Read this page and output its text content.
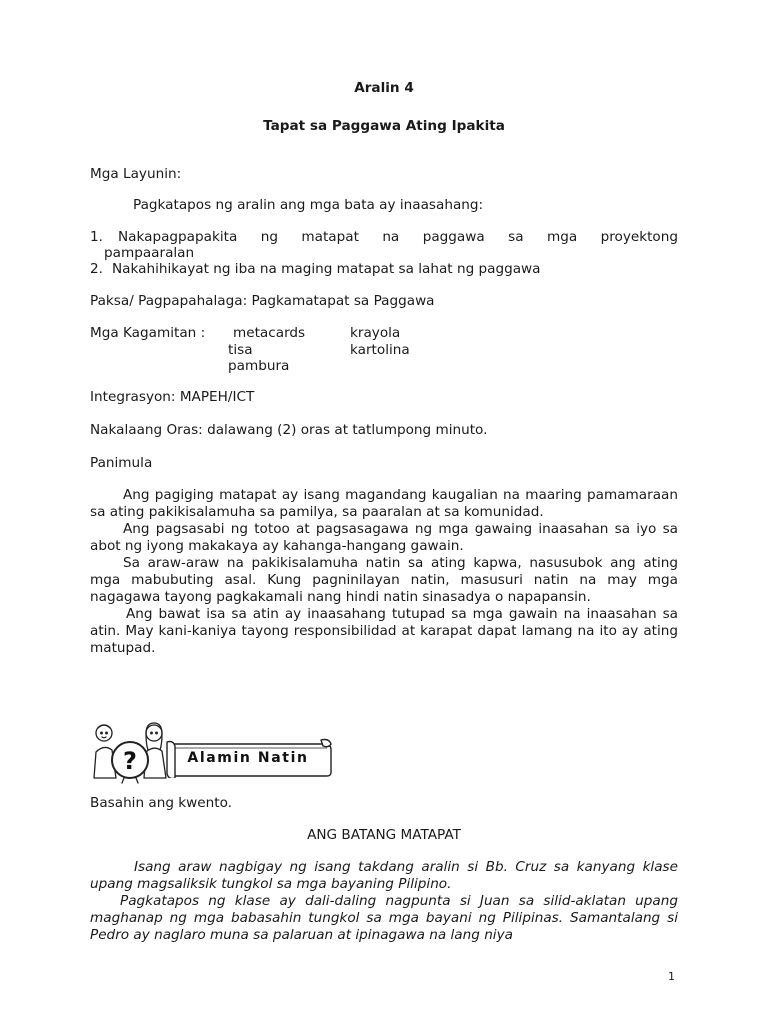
Aralin 4
Tapat sa Paggawa Ating Ipakita
Mga Layunin:
Pagkatapos ng aralin ang mga bata ay inaasahang:
1. Nakapagpapakita ng matapat na paggawa sa mga proyektong
pampaaralan
2. Nakahihikayat ng iba na maging matapat sa lahat ng paggawa
Paksa/ Pagpapahalaga: Pagkamatapat sa Paggawa
Mga Kagamitan : metacards
tisa
pambura
krayola
kartolina
Integrasyon: MAPEH/ICT
Nakalaang Oras: dalawang (2) oras at tatlumpong minuto.
Panimula

Ang pagiging matapat ay isang magandang kaugalian na maaring pamamaraan sa ating pakikisalamuha sa pamilya, sa paaralan at sa komunidad.

Ang pagsasabi ng totoo at pagsasagawa ng mga gawaing inaasahan sa iyo sa abot ng iyong makakaya ay kahanga-hangang gawain.

Sa araw-araw na pakikisalamuha natin sa ating kapwa, nasusubok ang ating mga mabubuting asal. Kung pagninilayan natin, masusuri natin na may mga nagagawa tayong pagkakamali nang hindi natin sinasadya o napapansin.

Ang bawat isa sa atin ay inaasahang tutupad sa mga gawain na inaasahan sa atin. May kani-kaniya tayong responsibilidad at karapat dapat lamang na ito ay ating matupad.

?	Alamin Natin
Basahin ang kwento.
ANG BATANG MATAPAT

Isang araw nagbigay ng isang takdang aralin si Bb. Cruz sa kanyang klase upang magsaliksik tungkol sa mga bayaning Pilipino.

Pagkatapos ng klase ay dali-daling nagpunta si Juan sa silid-aklatan upang maghanap ng mga babasahin tungkol sa mga bayani ng Pilipinas. Samantalang si Pedro ay naglaro muna sa palaruan at ipinagawa na lang niya

1
